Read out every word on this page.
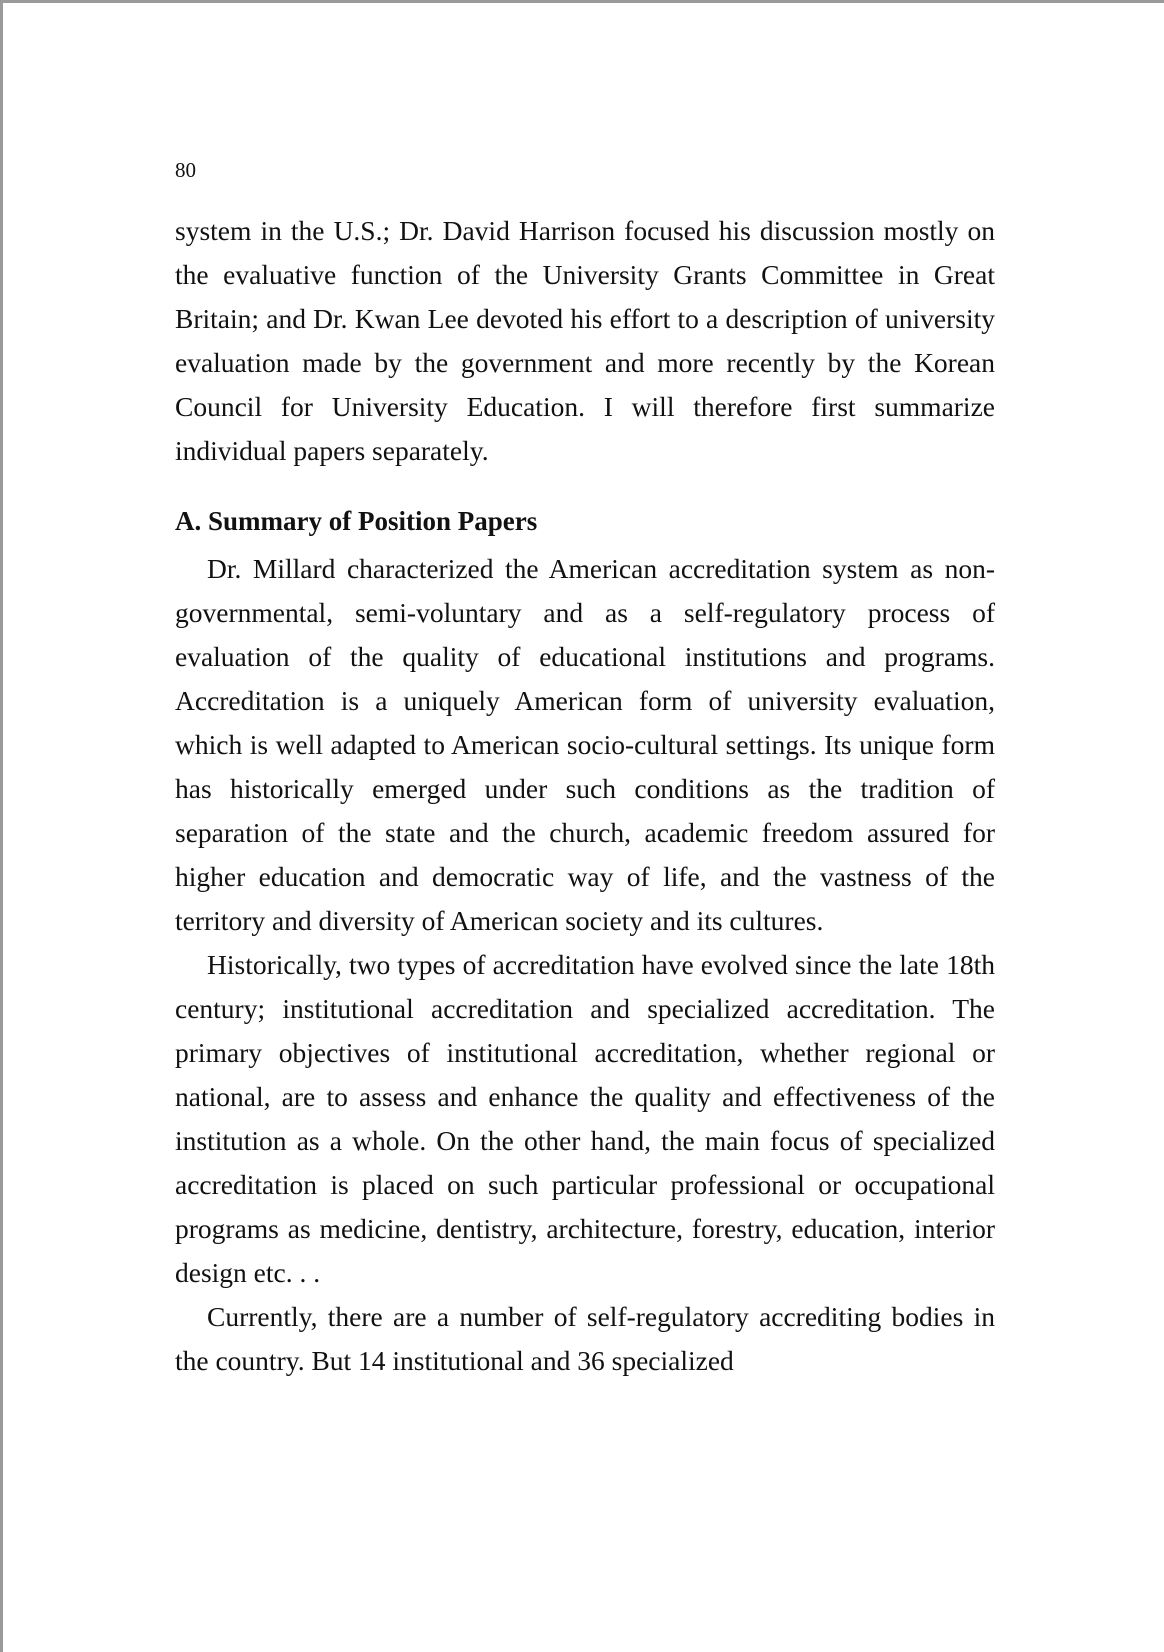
80

system in the U.S.; Dr. David Harrison focused his discussion mostly on the evaluative function of the University Grants Committee in Great Britain; and Dr. Kwan Lee devoted his effort to a description of university evaluation made by the government and more recently by the Korean Council for University Education. I will therefore first summarize individual papers separately.

A. Summary of Position Papers

Dr. Millard characterized the American accreditation system as non-governmental, semi-voluntary and as a self-regulatory process of evaluation of the quality of educational institutions and programs. Accreditation is a uniquely American form of university evaluation, which is well adapted to American socio-cultural settings. Its unique form has historically emerged under such conditions as the tradition of separation of the state and the church, academic freedom assured for higher education and democratic way of life, and the vastness of the territory and diversity of American society and its cultures.

Historically, two types of accreditation have evolved since the late 18th century; institutional accreditation and specialized accreditation. The primary objectives of institutional accreditation, whether regional or national, are to assess and enhance the quality and effectiveness of the institution as a whole. On the other hand, the main focus of specialized accreditation is placed on such particular professional or occupational programs as medicine, dentistry, architecture, forestry, education, interior design etc. . .

Currently, there are a number of self-regulatory accrediting bodies in the country. But 14 institutional and 36 specialized
